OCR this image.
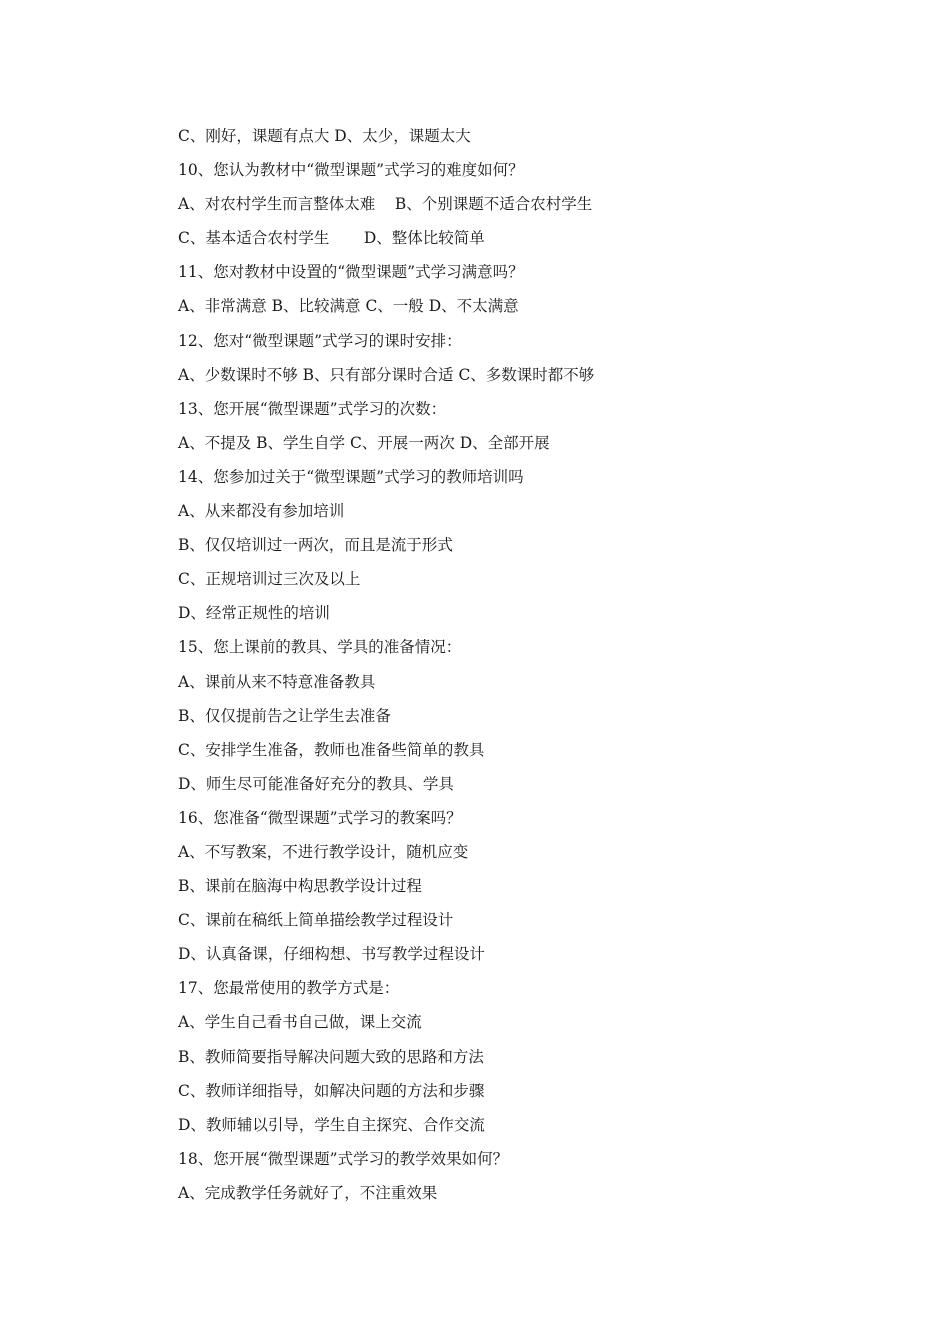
C、刚好，课题有点大 D、太少，课题太大
10、您认为教材中“微型课题”式学习的难度如何？
A、对农村学生而言整体太难    B、个别课题不适合农村学生
C、基本适合农村学生       D、整体比较简单
11、您对教材中设置的“微型课题”式学习满意吗？
A、非常满意 B、比较满意 C、一般 D、不太满意
12、您对“微型课题”式学习的课时安排：
A、少数课时不够 B、只有部分课时合适 C、多数课时都不够
13、您开展“微型课题”式学习的次数：
A、不提及 B、学生自学 C、开展一两次 D、全部开展
14、您参加过关于“微型课题”式学习的教师培训吗
A、从来都没有参加培训
B、仅仅培训过一两次，而且是流于形式
C、正规培训过三次及以上
D、经常正规性的培训
15、您上课前的教具、学具的准备情况：
A、课前从来不特意准备教具
B、仅仅提前告之让学生去准备
C、安排学生准备，教师也准备些简单的教具
D、师生尽可能准备好充分的教具、学具
16、您准备“微型课题”式学习的教案吗？
A、不写教案，不进行教学设计，随机应变
B、课前在脑海中构思教学设计过程
C、课前在稿纸上简单描绘教学过程设计
D、认真备课，仔细构想、书写教学过程设计
17、您最常使用的教学方式是：
A、学生自己看书自己做，课上交流
B、教师简要指导解决问题大致的思路和方法
C、教师详细指导，如解决问题的方法和步骤
D、教师辅以引导，学生自主探究、合作交流
18、您开展“微型课题”式学习的教学效果如何？
A、完成教学任务就好了，不注重效果
